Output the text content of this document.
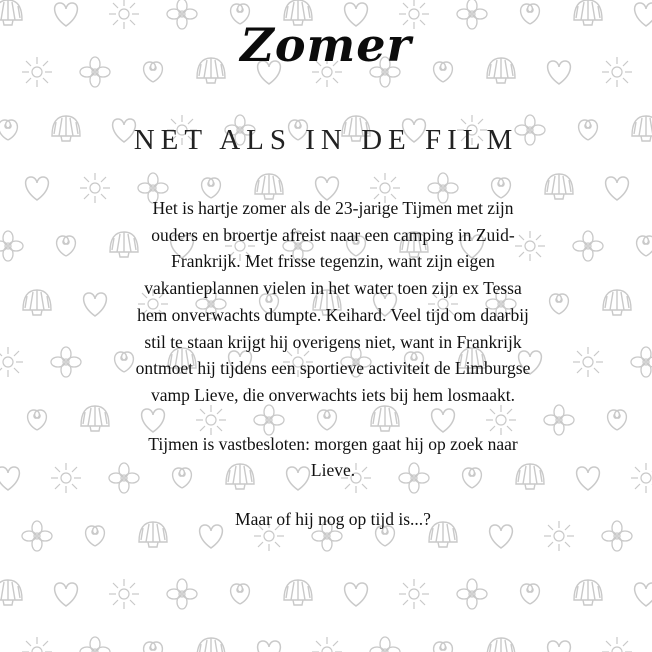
Zomer
NET ALS IN DE FILM

Het is hartje zomer als de 23-jarige Tijmen met zijn ouders en broertje afreist naar een camping in Zuid-Frankrijk. Met frisse tegenzin, want zijn eigen vakantieplannen vielen in het water toen zijn ex Tessa hem onverwachts dumpte. Keihard. Veel tijd om daarbij stil te staan krijgt hij overigens niet, want in Frankrijk ontmoet hij tijdens een sportieve activiteit de Limburgse vamp Lieve, die onverwachts iets bij hem losmaakt.

Tijmen is vastbesloten: morgen gaat hij op zoek naar Lieve.

Maar of hij nog op tijd is...?
